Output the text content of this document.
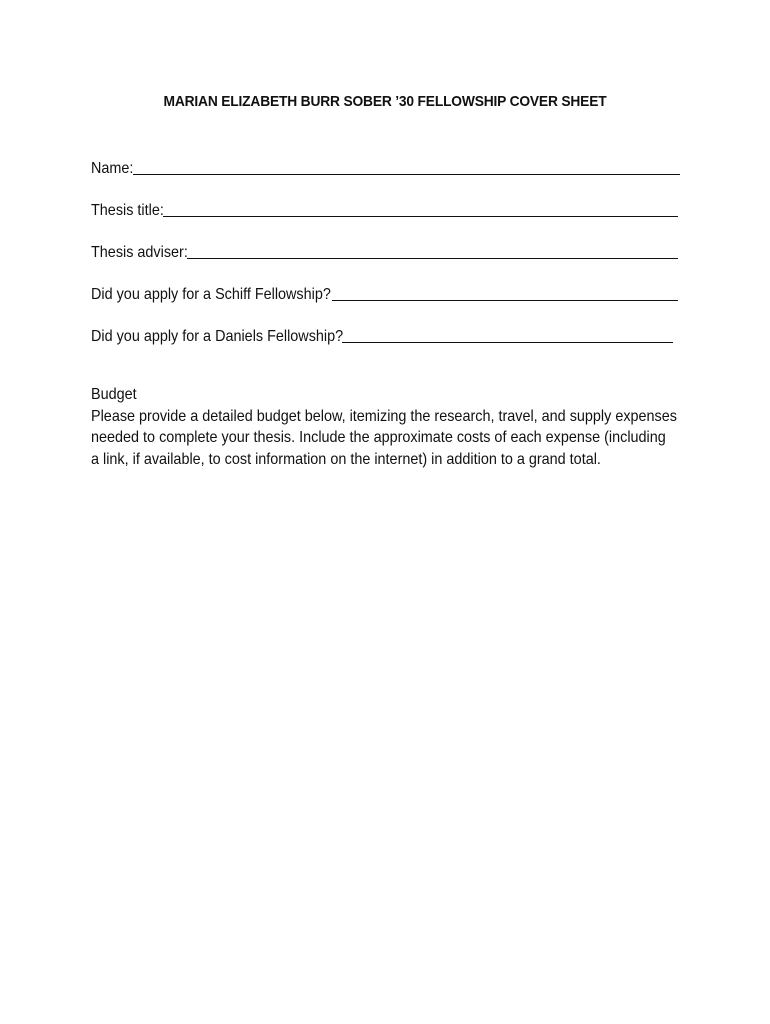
MARIAN ELIZABETH BURR SOBER ’30 FELLOWSHIP COVER SHEET
Name:
Thesis title:
Thesis adviser:
Did you apply for a Schiff Fellowship?
Did you apply for a Daniels Fellowship?
Budget
Please provide a detailed budget below, itemizing the research, travel, and supply expenses
needed to complete your thesis. Include the approximate costs of each expense (including
a link, if available, to cost information on the internet) in addition to a grand total.
